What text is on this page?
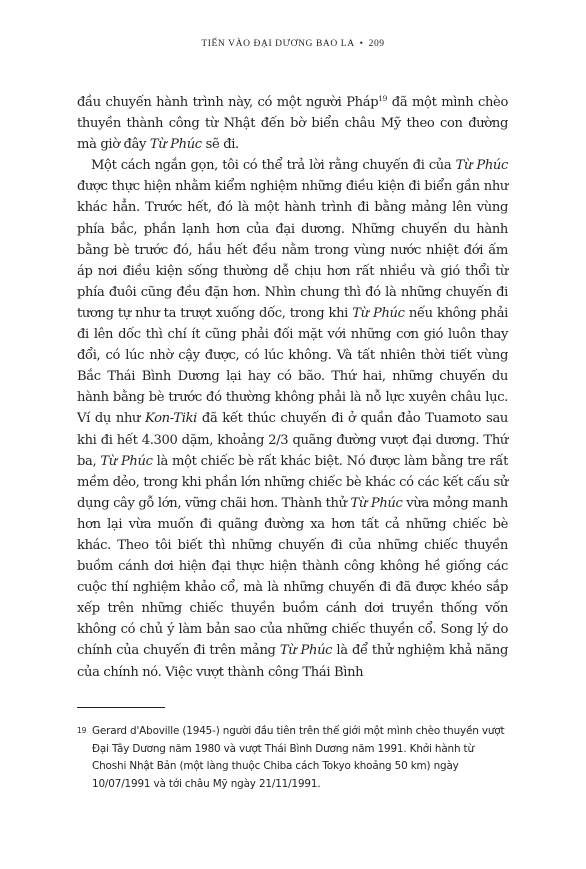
TIẾN VÀO ĐẠI DƯƠNG BAO LA • 209

đầu chuyến hành trình này, có một người Pháp$^{19}$ đã một mình chèo thuyền thành công từ Nhật đến bờ biển châu Mỹ theo con đường mà giờ đây Từ Phúc sẽ đi.

Một cách ngắn gọn, tôi có thể trả lời rằng chuyến đi của Từ Phúc được thực hiện nhằm kiểm nghiệm những điều kiện đi biển gần như khác hẳn. Trước hết, đó là một hành trình đi bằng mảng lên vùng phía bắc, phần lạnh hơn của đại dương. Những chuyến du hành bằng bè trước đó, hầu hết đều nằm trong vùng nước nhiệt đới ấm áp nơi điều kiện sống thường dễ chịu hơn rất nhiều và gió thổi từ phía đuôi cũng đều đặn hơn. Nhìn chung thì đó là những chuyến đi tương tự như ta trượt xuống dốc, trong khi Từ Phúc nếu không phải đi lên dốc thì chí ít cũng phải đối mặt với những cơn gió luôn thay đổi, có lúc nhờ cậy được, có lúc không. Và tất nhiên thời tiết vùng Bắc Thái Bình Dương lại hay có bão. Thứ hai, những chuyến du hành bằng bè trước đó thường không phải là nỗ lực xuyên châu lục. Ví dụ như Kon-Tiki đã kết thúc chuyến đi ở quần đảo Tuamoto sau khi đi hết 4.300 dặm, khoảng 2/3 quãng đường vượt đại dương. Thứ ba, Từ Phúc là một chiếc bè rất khác biệt. Nó được làm bằng tre rất mềm dẻo, trong khi phần lớn những chiếc bè khác có các kết cấu sử dụng cây gỗ lớn, vững chãi hơn. Thành thử Từ Phúc vừa mỏng manh hơn lại vừa muốn đi quãng đường xa hơn tất cả những chiếc bè khác. Theo tôi biết thì những chuyến đi của những chiếc thuyền buồm cánh dơi hiện đại thực hiện thành công không hề giống các cuộc thí nghiệm khảo cổ, mà là những chuyến đi đã được khéo sắp xếp trên những chiếc thuyền buồm cánh dơi truyền thống vốn không có chủ ý làm bản sao của những chiếc thuyền cổ. Song lý do chính của chuyến đi trên mảng Từ Phúc là để thử nghiệm khả năng của chính nó. Việc vượt thành công Thái Bình

19 Gerard d'Aboville (1945-) người đầu tiên trên thế giới một mình chèo thuyền vượt Đại Tây Dương năm 1980 và vượt Thái Bình Dương năm 1991. Khởi hành từ Choshi Nhật Bản (một làng thuộc Chiba cách Tokyo khoảng 50 km) ngày 10/07/1991 và tới châu Mỹ ngày 21/11/1991.
